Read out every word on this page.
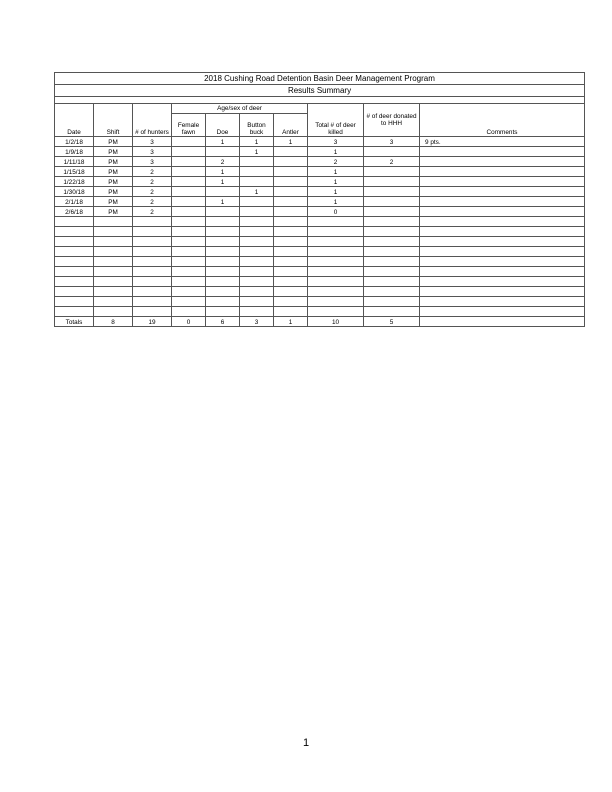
2018 Cushing Road Detention Basin Deer Management Program									
Results Summary									

Date	Shift	# of hunters	Age/sex of deer				Total # of deer killed	# of deer donated to HHH	Comments
			Female fawn	Doe	Button buck	Antler			
1/2/18	PM	3		1	1	1	3	3	9 pts.
1/9/18	PM	3			1		1		
1/11/18	PM	3		2			2	2	
1/15/18	PM	2		1			1		
1/22/18	PM	2		1			1		
1/30/18	PM	2			1		1		
2/1/18	PM	2		1			1		
2/6/18	PM	2					0		

Totals	8	19	0	6	3	1	10	5	
1
